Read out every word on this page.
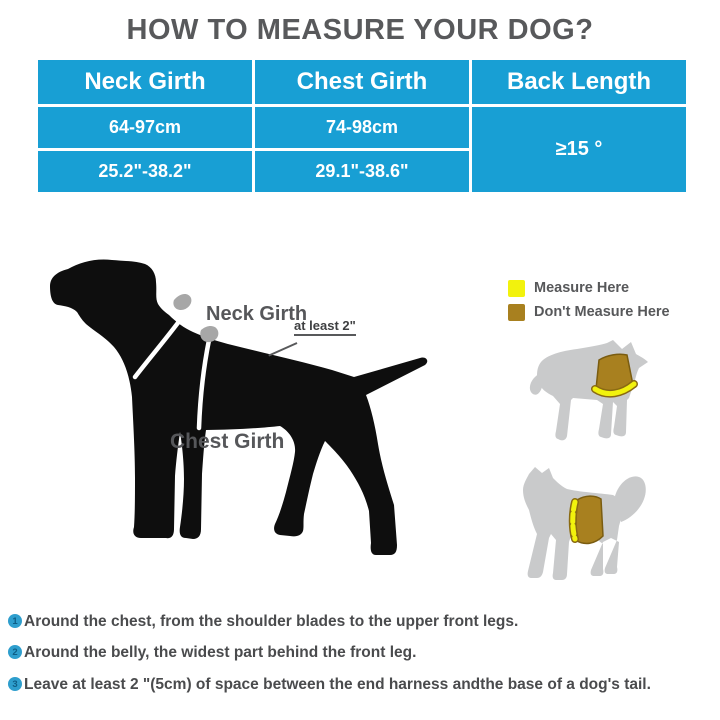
HOW TO MEASURE YOUR DOG?
Neck Girth	Chest Girth	Back Length
64-97cm	74-98cm
≥15 °
25.2"-38.2"	29.1"-38.6"
Neck Girth
at least 2"
Chest Girth
Measure Here
Don't Measure Here
1 Around the chest, from the shoulder blades to the upper front legs.
2 Around the belly, the widest part behind the front leg.
3 Leave at least 2 "(5cm) of space between the end harness andthe base of a dog's tail.
